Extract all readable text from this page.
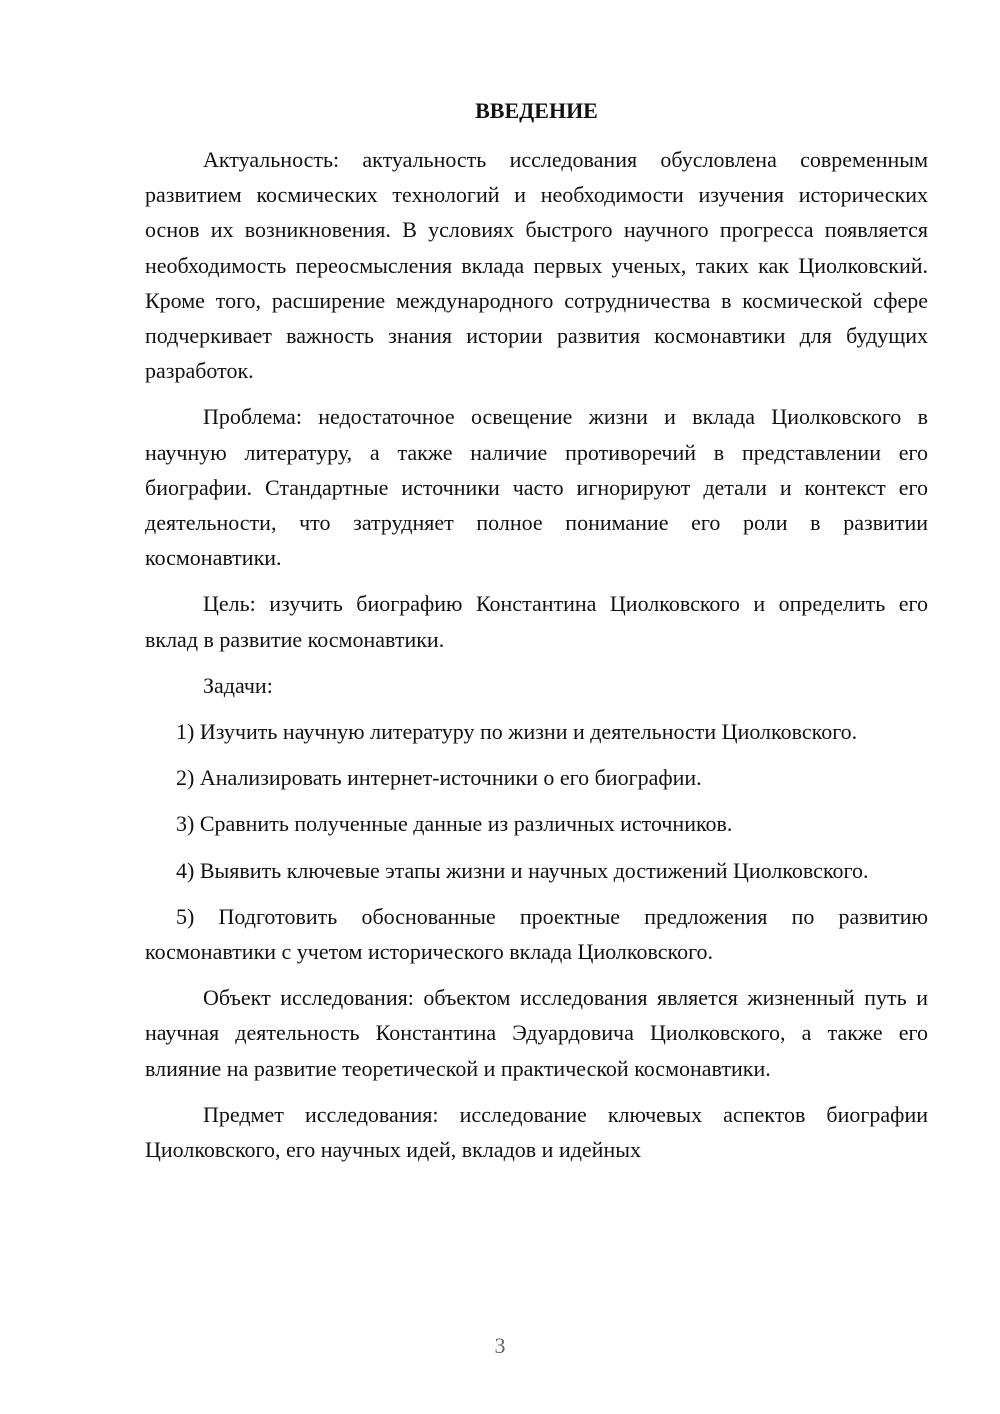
ВВЕДЕНИЕ

Актуальность: актуальность исследования обусловлена современным развитием космических технологий и необходимости изучения исторических основ их возникновения. В условиях быстрого научного прогресса появляется необходимость переосмысления вклада первых ученых, таких как Циолковский. Кроме того, расширение международного сотрудничества в космической сфере подчеркивает важность знания истории развития космонавтики для будущих разработок.

Проблема: недостаточное освещение жизни и вклада Циолковского в научную литературу, а также наличие противоречий в представлении его биографии. Стандартные источники часто игнорируют детали и контекст его деятельности, что затрудняет полное понимание его роли в развитии космонавтики.

Цель: изучить биографию Константина Циолковского и определить его вклад в развитие космонавтики.

Задачи:

1) Изучить научную литературу по жизни и деятельности Циолковского.

2) Анализировать интернет-источники о его биографии.

3) Сравнить полученные данные из различных источников.

4) Выявить ключевые этапы жизни и научных достижений Циолковского.

5) Подготовить обоснованные проектные предложения по развитию космонавтики с учетом исторического вклада Циолковского.

Объект исследования: объектом исследования является жизненный путь и научная деятельность Константина Эдуардовича Циолковского, а также его влияние на развитие теоретической и практической космонавтики.

Предмет исследования: исследование ключевых аспектов биографии Циолковского, его научных идей, вкладов и идейных

3
